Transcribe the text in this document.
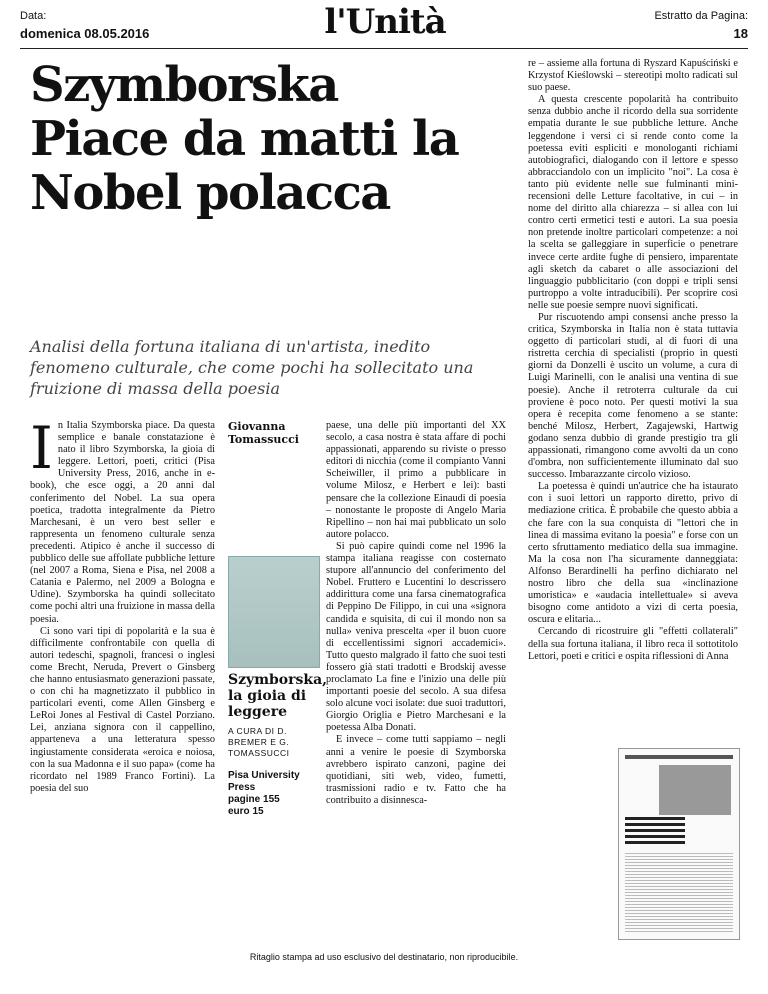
Data:
domenica 08.05.2016	l'Unità	Estratto da Pagina:
18
Szymborska Piace da matti la Nobel polacca

Analisi della fortuna italiana di un'artista, inedito fenomeno culturale, che come pochi ha sollecitato una fruizione di massa della poesia

In Italia Szymborska piace. Da questa semplice e banale constatazione è nato il libro Szymborska, la gioia di leggere. Lettori, poeti, critici (Pisa University Press, 2016, anche in e-book), che esce oggi, a 20 anni dal conferimento del Nobel. La sua opera poetica, tradotta integralmente da Pietro Marchesani, è un vero best seller e rappresenta un fenomeno culturale senza precedenti. Atipico è anche il successo di pubblico delle sue affollate pubbliche letture (nel 2007 a Roma, Siena e Pisa, nel 2008 a Catania e Palermo, nel 2009 a Bologna e Udine). Szymborska ha quindi sollecitato come pochi altri una fruizione in massa della poesia.

Ci sono vari tipi di popolarità e la sua è difficilmente confrontabile con quella di autori tedeschi, spagnoli, francesi o inglesi come Brecht, Neruda, Prevert o Ginsberg che hanno entusiasmato generazioni passate, o con chi ha magnetizzato il pubblico in particolari eventi, come Allen Ginsberg e LeRoi Jones al Festival di Castel Porziano. Lei, anziana signora con il cappellino, apparteneva a una letteratura spesso ingiustamente considerata «eroica e noiosa, con la sua Madonna e il suo papa» (come ha ricordato nel 1989 Franco Fortini). La poesia del suo

Giovanna Tomassucci
Szymborska, la gioia di leggere
A CURA DI D. BREMER E G. TOMASSUCCI
Pisa University Press
pagine 155
euro 15

paese, una delle più importanti del XX secolo, a casa nostra è stata affare di pochi appassionati, apparendo su riviste o presso editori di nicchia (come il compianto Vanni Scheiwiller, il primo a pubblicare in volume Milosz, e Herbert e lei): basti pensare che la collezione Einaudi di poesia – nonostante le proposte di Angelo Maria Ripellino – non hai mai pubblicato un solo autore polacco.

Si può capire quindi come nel 1996 la stampa italiana reagisse con costernato stupore all'annuncio del conferimento del Nobel. Fruttero e Lucentini lo descrissero addirittura come una farsa cinematografica di Peppino De Filippo, in cui una «signora candida e squisita, di cui il mondo non sa nulla» veniva prescelta «per il buon cuore di eccellentissimi signori accademici». Tutto questo malgrado il fatto che suoi testi fossero già stati tradotti e Brodskij avesse proclamato La fine e l'inizio una delle più importanti poesie del secolo. A sua difesa solo alcune voci isolate: due suoi traduttori, Giorgio Origlia e Pietro Marchesani e la poetessa Alba Donati.

E invece – come tutti sappiamo – negli anni a venire le poesie di Szymborska avrebbero ispirato canzoni, pagine dei quotidiani, siti web, video, fumetti, trasmissioni radio e tv. Fatto che ha contribuito a disinnesca-

re – assieme alla fortuna di Ryszard Kapuściński e Krzystof Kieślowski – stereotipi molto radicati sul suo paese.

A questa crescente popolarità ha contribuito senza dubbio anche il ricordo della sua sorridente empatia durante le sue pubbliche letture. Anche leggendone i versi ci si rende conto come la poetessa eviti espliciti e monologanti richiami autobiografici, dialogando con il lettore e spesso abbracciandolo con un implicito "noi". La cosa è tanto più evidente nelle sue fulminanti mini-recensioni delle Letture facoltative, in cui – in nome del diritto alla chiarezza – si allea con lui contro certi ermetici testi e autori. La sua poesia non pretende inoltre particolari competenze: a noi la scelta se galleggiare in superficie o penetrare invece certe ardite fughe di pensiero, imparentate agli sketch da cabaret o alle associazioni del linguaggio pubblicitario (con doppi e tripli sensi purtroppo a volte intraducibili). Per scoprire così nelle sue poesie sempre nuovi significati.

Pur riscuotendo ampi consensi anche presso la critica, Szymborska in Italia non è stata tuttavia oggetto di particolari studi, al di fuori di una ristretta cerchia di specialisti (proprio in questi giorni da Donzelli è uscito un volume, a cura di Luigi Marinelli, con le analisi una ventina di sue poesie). Anche il retroterra culturale da cui proviene è poco noto. Per questi motivi la sua opera è recepita come fenomeno a se stante: benché Milosz, Herbert, Zagajewski, Hartwig godano senza dubbio di grande prestigio tra gli appassionati, rimangono come avvolti da un cono d'ombra, non sufficientemente illuminato dal suo successo. Imbarazzante circolo vizioso.

La poetessa è quindi un'autrice che ha istaurato con i suoi lettori un rapporto diretto, privo di mediazione critica. È probabile che questo abbia a che fare con la sua conquista di "lettori che in linea di massima evitano la poesia" e forse con un certo sfruttamento mediatico della sua immagine. Ma la cosa non l'ha sicuramente danneggiata: Alfonso Berardinelli ha perfino dichiarato nel nostro libro che della sua «inclinazione umoristica» e «audacia intellettuale» si aveva bisogno come antidoto a vizi di certa poesia, oscura e elitaria...

Cercando di ricostruire gli "effetti collaterali" della sua fortuna italiana, il libro reca il sottotitolo Lettori, poeti e critici e ospita riflessioni di Anna

Ritaglio stampa ad uso esclusivo del destinatario, non riproducibile.
